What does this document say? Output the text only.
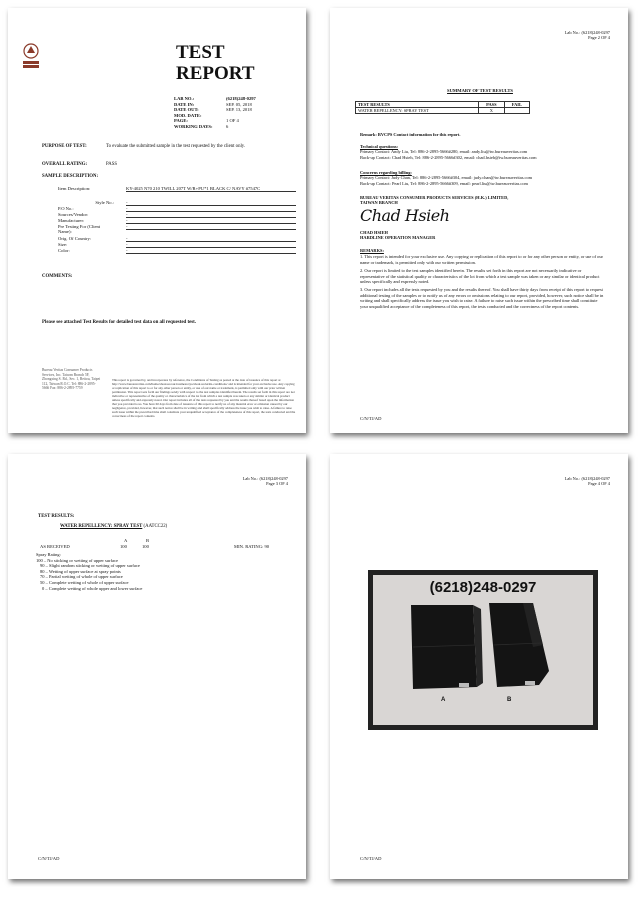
TEST
REPORT
LAB NO.:	(6218)248-0297
DATE IN:	SEP. 05, 2018
DATE OUT:	SEP. 13, 2018
MOD. DATE:
PAGE:	1 OF 4
WORKING DAYS:	6
PURPOSE OF TEST:	To evaluate the submitted sample in the test requested by the client only.
OVERALL RATING:	PASS
SAMPLE DESCRIPTION:
Item Description:	KY-4025 N70 210 TWILL 207T W/R+PU*1 BLACK C/ NAVY #7547C
Style No.:	-
P.O No.:	-
Sources/Vendor:	-
Manufacturer:	-
Pre Testing For (Client Name):
-
Orig. Of Country:	-
Size:	-
Color:	-
COMMENTS:
Please see attached Test Results for detailed test data on all requested test.
Bureau Veritas Consumer Products Services, Inc. Taiwan Branch 5F, Zhongxing S. Rd., Sec. 1, Beitou, Taipei 112, Taiwan R.O.C. Tel: 886-2-2895-5666 Fax: 886-2-2895-7759
This report is governed by, and incorporates by reference, the Conditions of Testing as posted at the date of issuance of this report at http://www.bureauveritas.com/home/about-us/our-business/cps/about-us/terms-conditions/ and is intended for your exclusive use. Any copying or replication of this report to or for any other person or entity, or use of our name or trademark, is permitted only with our prior written permission. This report sets forth our findings solely with respect to the test samples identified herein. The results set forth in this report are not indicative or representative of the quality or characteristics of the lot from which a test sample was taken or any similar or identical product unless specifically and expressly noted. Our report includes all of the tests requested by you and the results thereof based upon the information that you provided to us. You have 60 days from date of issuance of this report to notify us of any material error or omission caused by our negligence, provided, however, that such notice shall be in writing and shall specifically address the issue you wish to raise. A failure to raise such issue within the prescribed time shall constitute your unqualified acceptance of the completeness of this report, the tests conducted and the correctness of the report contents.
Lab No.: (6218)248-0297
Page 2 OF 4
SUMMARY OF TEST RESULTS
TEST RESULTS	PASS	FAIL
WATER REPELLENCY: SPRAY TEST	X	
Remark: BVCPS Contact information for this report.
Technical questions:
Primary Contact: Andy Liu, Tel: 886-2-2895-5666#280, email: andy.liu@tw.bureauveritas.com
Back-up Contact: Chad Hsieh, Tel: 886-2-2895-5666#302, email: chad.hsieh@tw.bureauveritas.com
Concerns regarding billing:
Primary Contact: Judy Chan, Tel: 886-2-2895-5666#304, email: judy.chan@tw.bureauveritas.com
Back-up Contact: Pearl Liu, Tel: 886-2-2895-5666#309, email: pearl.liu@tw.bureauveritas.com
BUREAU VERITAS CONSUMER PRODUCTS SERVICES (H.K.) LIMITED,
TAIWAN BRANCH
Chad Hsieh
CHAD HSIEH
HARDLINE OPERATION MANAGER
REMARKS:
1. This report is intended for your exclusive use. Any copying or replication of this report to or for any other person or entity, or use of our name or trademark, is permitted only with our written permission.
2. Our report is limited to the test samples identified herein. The results set forth in this report are not necessarily indicative or representative of the statistical quality or characteristics of the lot from which a test sample was taken or any similar or identical product unless specifically and expressly noted.
3. Our report includes all the tests requested by you and the results thereof. You shall have thirty days from receipt of this report to request additional testing of the samples or to notify us of any errors or omissions relating to our report, provided, however, such notice shall be in writing and shall specifically address the issue you wish to raise. A failure to raise such issue within the prescribed time shall constitute your unqualified acceptance of the completeness of this report, the tests conducted and the correctness of the report contents.
C/N/TJ/AD
Lab No.: (6218)248-0297
Page 3 OF 4
TEST RESULTS:
WATER REPELLENCY: SPRAY TEST (AATCC22)
A	B
AS RECEIVED	100	100	MIN. RATING: 90
Spray Rating:
100 – No sticking or wetting of upper surface
90 – Slight random sticking or wetting of upper surface
80 – Wetting of upper surface at spray points
70 – Partial wetting of whole of upper surface
50 – Complete wetting of whole of upper surface
0 – Complete wetting of whole upper and lower surface
C/N/TJ/AD
Lab No.: (6218)248-0297
Page 4 OF 4
(6218)248-0297
A	B
C/N/TJ/AD
